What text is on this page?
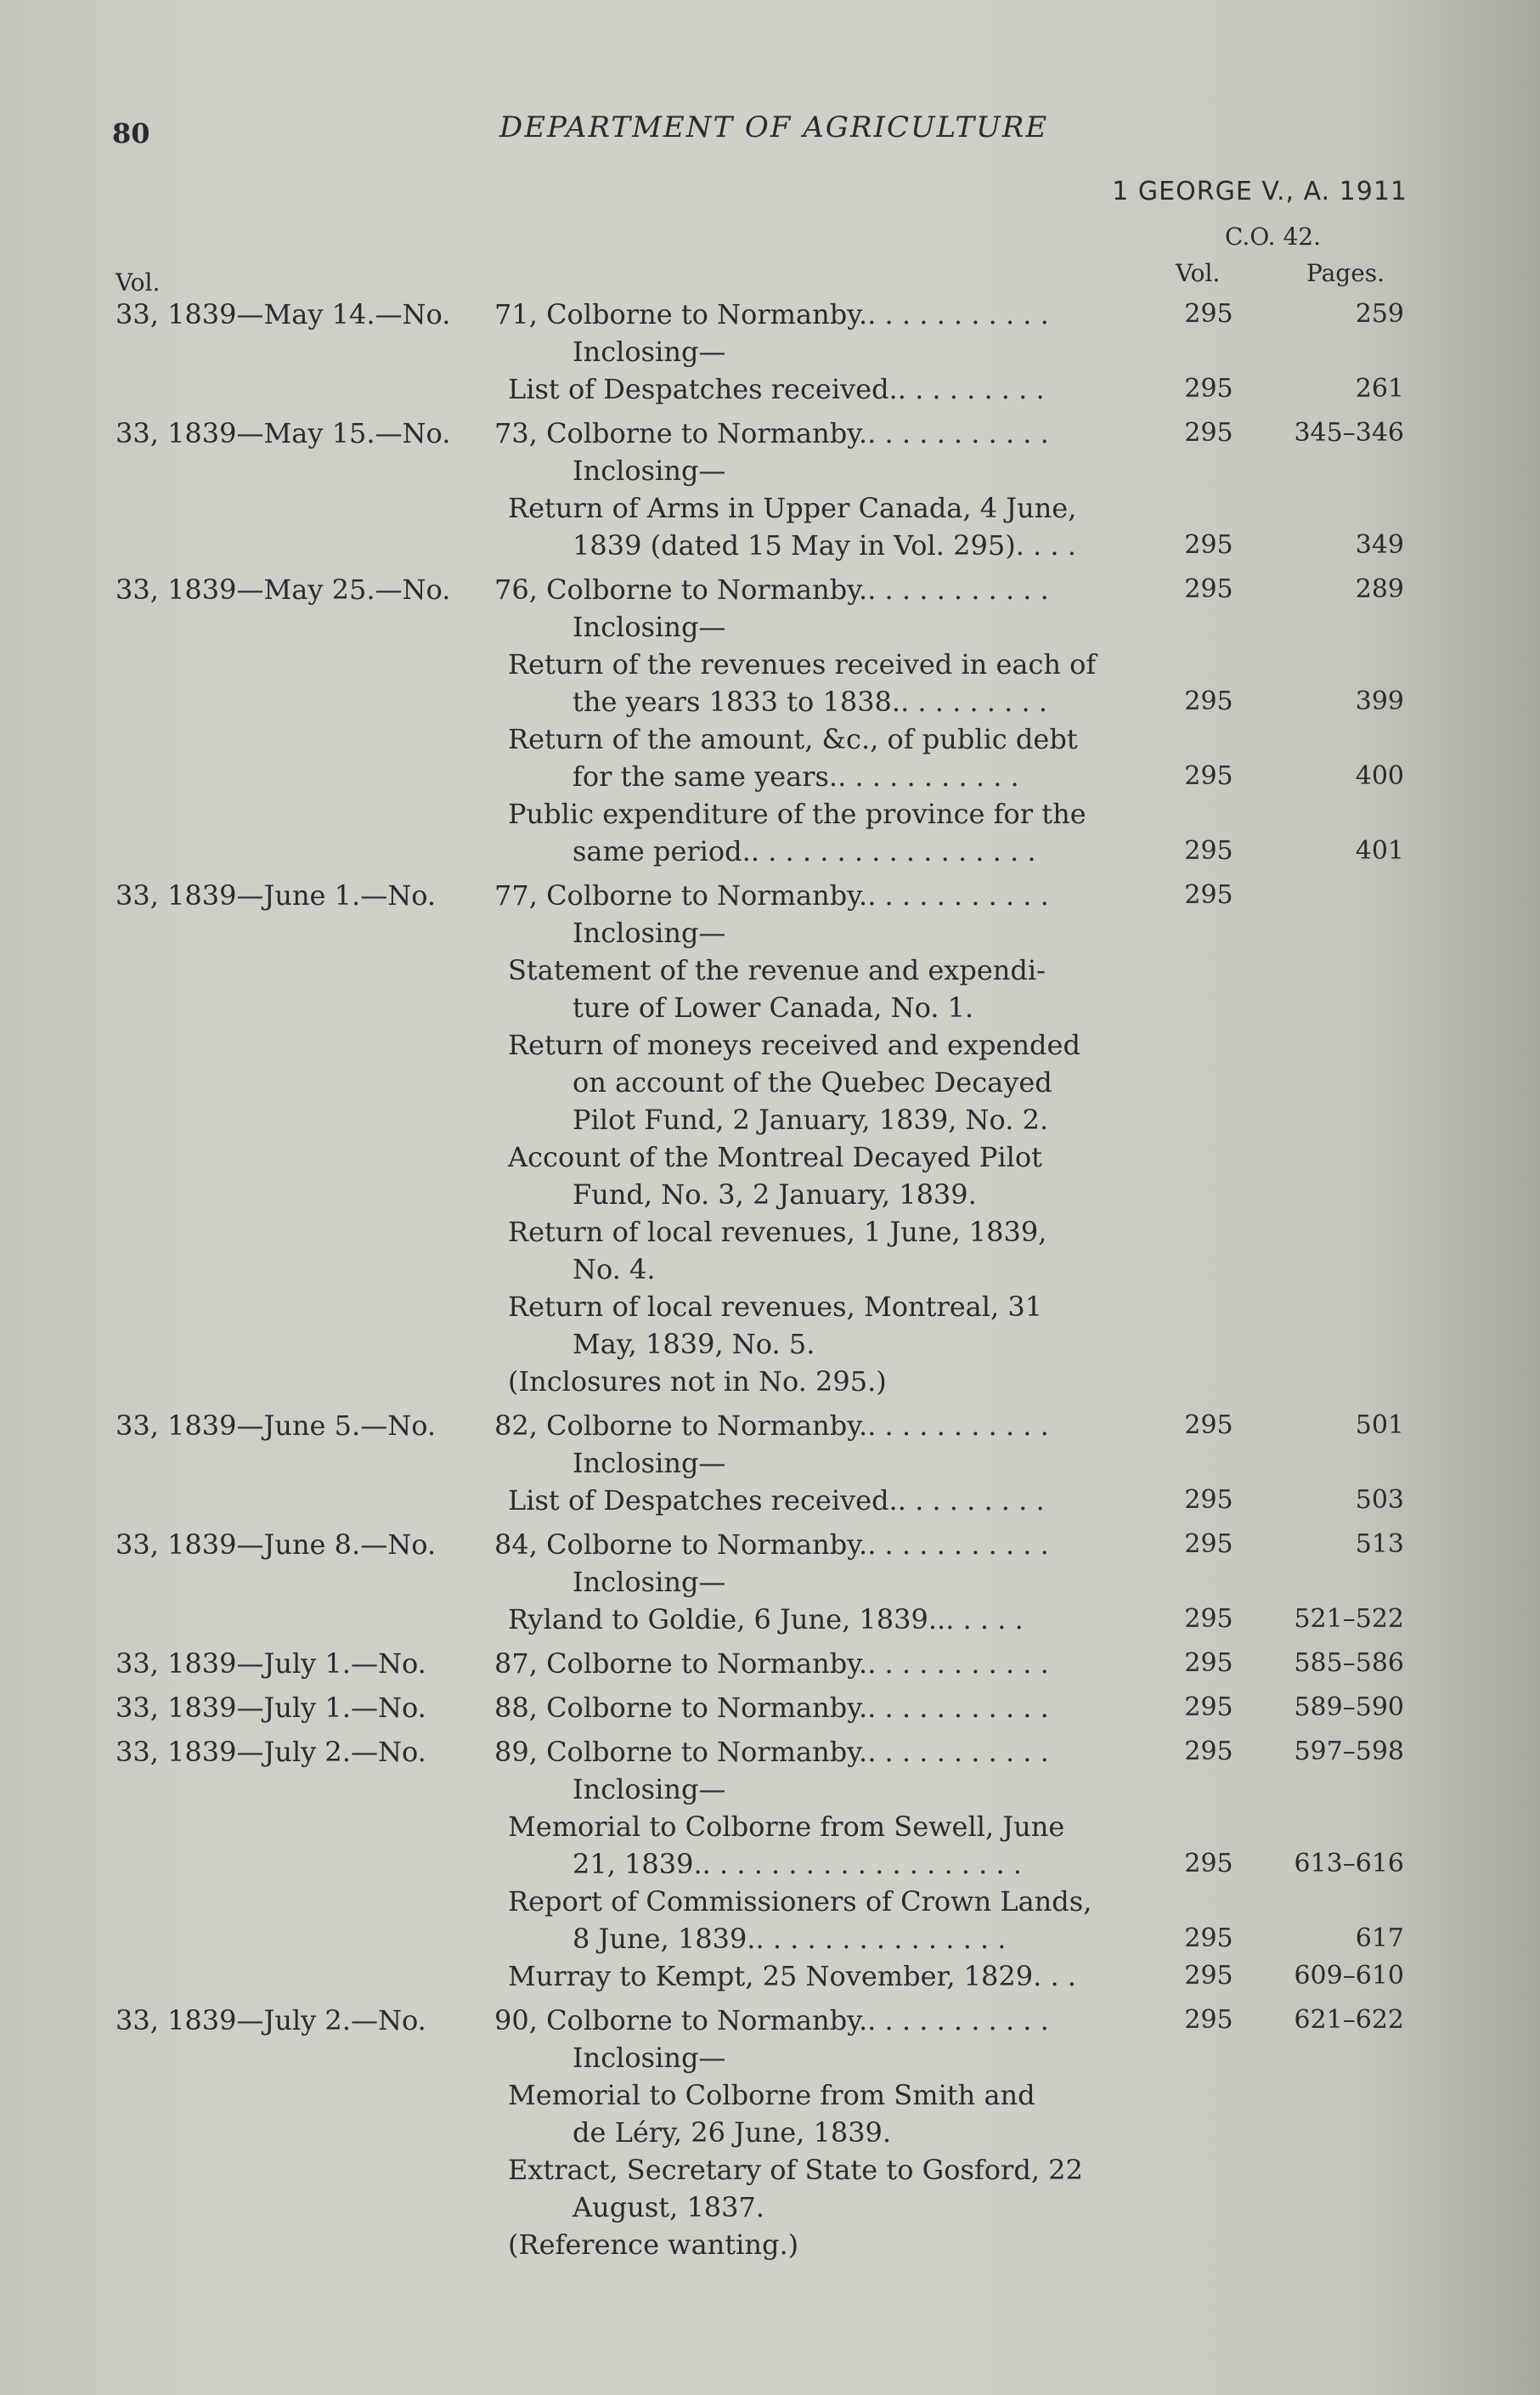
80	DEPARTMENT OF AGRICULTURE
1 GEORGE V., A. 1911
C.O. 42.
Vol.	Vol.	Pages.
33, 1839—May 14.—No. 71, Colborne to Normanby.. . . . . . . . . . .	295	259
Inclosing—
List of Despatches received.. . . . . . . . .	295	261
33, 1839—May 15.—No. 73, Colborne to Normanby.. . . . . . . . . . .	295 345–346
Inclosing—
Return of Arms in Upper Canada, 4 June,
1839 (dated 15 May in Vol. 295). . . .	295	349
33, 1839—May 25.—No. 76, Colborne to Normanby.. . . . . . . . . . .	295	289
Inclosing—
Return of the revenues received in each of
the years 1833 to 1838.. . . . . . . . .	295	399
Return of the amount, &c., of public debt
for the same years.. . . . . . . . . . .	295	400
Public expenditure of the province for the
same period.. . . . . . . . . . . . . . . . .	295	401
33, 1839—June 1.—No. 77, Colborne to Normanby.. . . . . . . . . . .	295
Inclosing—
Statement of the revenue and expendi-
ture of Lower Canada, No. 1.
Return of moneys received and expended
on account of the Quebec Decayed
Pilot Fund, 2 January, 1839, No. 2.
Account of the Montreal Decayed Pilot
Fund, No. 3, 2 January, 1839.
Return of local revenues, 1 June, 1839,
No. 4.
Return of local revenues, Montreal, 31
May, 1839, No. 5.
(Inclosures not in No. 295.)
33, 1839—June 5.—No. 82, Colborne to Normanby.. . . . . . . . . . .	295	501
Inclosing—
List of Despatches received.. . . . . . . . .	295	503
33, 1839—June 8.—No. 84, Colborne to Normanby.. . . . . . . . . . .	295	513
Inclosing—
Ryland to Goldie, 6 June, 1839... . . . .	295 521–522
33, 1839—July 1.—No.	87, Colborne to Normanby.. . . . . . . . . . .	295 585–586
33, 1839—July 1.—No.	88, Colborne to Normanby.. . . . . . . . . . .	295 589–590
33, 1839—July 2.—No.	89, Colborne to Normanby.. . . . . . . . . . .	295 597–598
Inclosing—
Memorial to Colborne from Sewell, June
21, 1839.. . . . . . . . . . . . . . . . . . .	295 613–616
Report of Commissioners of Crown Lands,
8 June, 1839.. . . . . . . . . . . . . . .	295	617
Murray to Kempt, 25 November, 1829. . .	295 609–610
33, 1839—July 2.—No.	90, Colborne to Normanby.. . . . . . . . . . .	295 621–622
Inclosing—
Memorial to Colborne from Smith and
de Léry, 26 June, 1839.
Extract, Secretary of State to Gosford, 22
August, 1837.
(Reference wanting.)
